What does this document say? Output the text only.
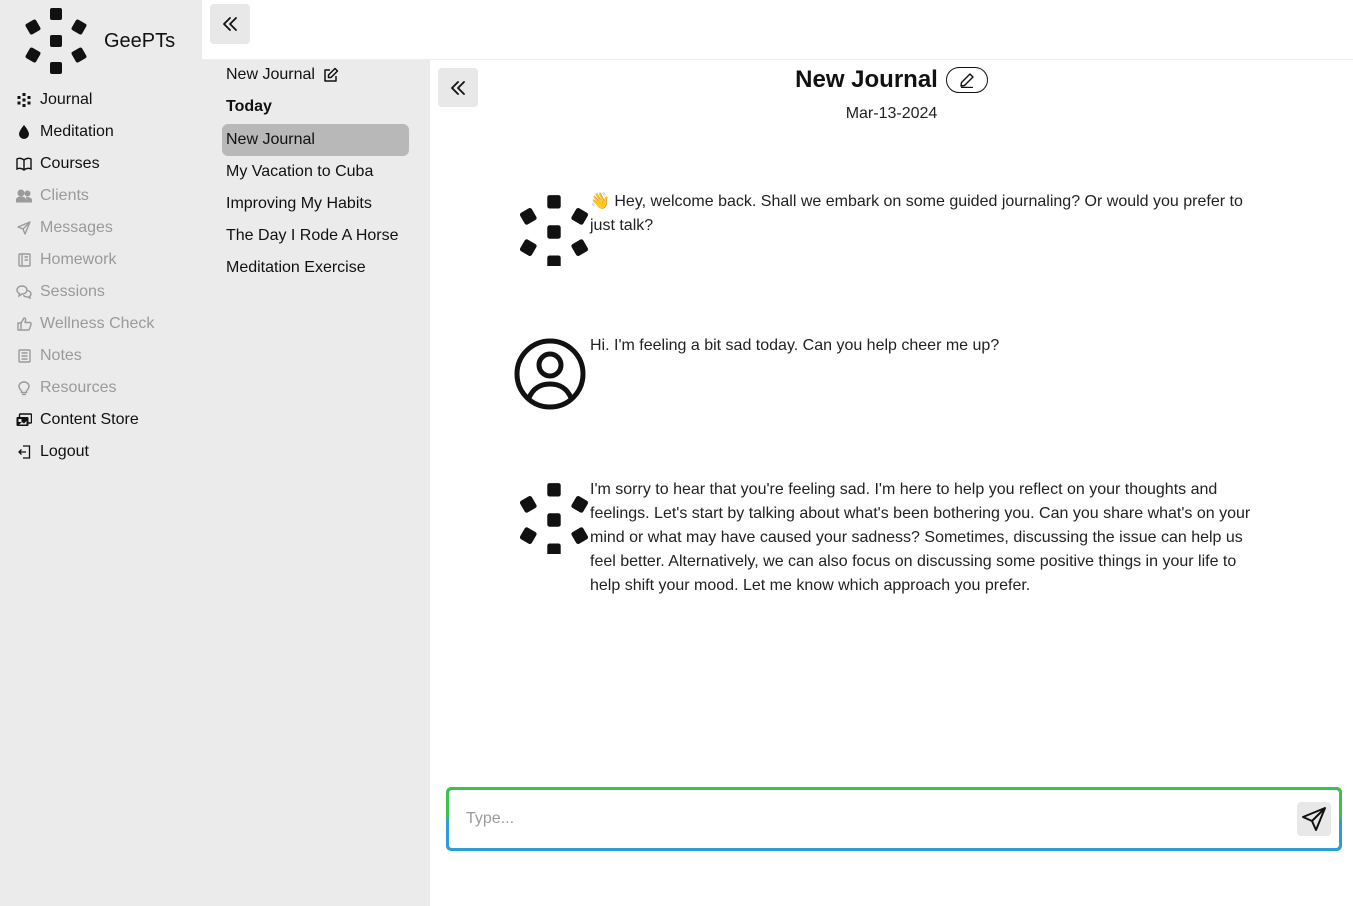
GeePTs
Journal
Meditation
Courses
Clients
Messages
Homework
Sessions
Wellness Check
Notes
Resources
Content Store
Logout
New Journal
Today
New Journal
My Vacation to Cuba
Improving My Habits
The Day I Rode A Horse
Meditation Exercise
New Journal
Mar-13-2024
👋 Hey, welcome back. Shall we embark on some guided journaling? Or would you prefer to just talk?
Hi. I'm feeling a bit sad today. Can you help cheer me up?
I'm sorry to hear that you're feeling sad. I'm here to help you reflect on your thoughts and feelings. Let's start by talking about what's been bothering you. Can you share what's on your mind or what may have caused your sadness? Sometimes, discussing the issue can help us feel better. Alternatively, we can also focus on discussing some positive things in your life to help shift your mood. Let me know which approach you prefer.
Type...
